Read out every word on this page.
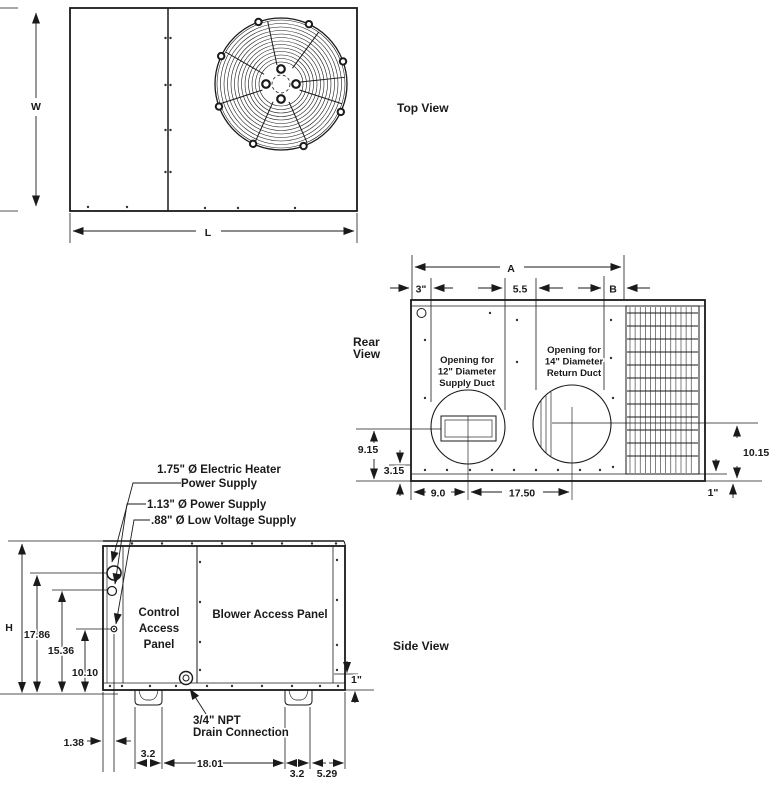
W
L
Top View
A
3"	5.5	B
Opening for
12" Diameter
Supply Duct
Opening for
14" Diameter
Return Duct
9.15
3.15
9.0	17.50
10.15
1"
Rear
View
Control
Access
Panel
Blower Access Panel
1.75" Ø Electric Heater
Power Supply
1.13" Ø Power Supply
.88" Ø Low Voltage Supply
H
17.86
15.36
10.10
1.38
3.2
18.01
3.2 5.29
3/4" NPT
Drain Connection
1"
Side View
